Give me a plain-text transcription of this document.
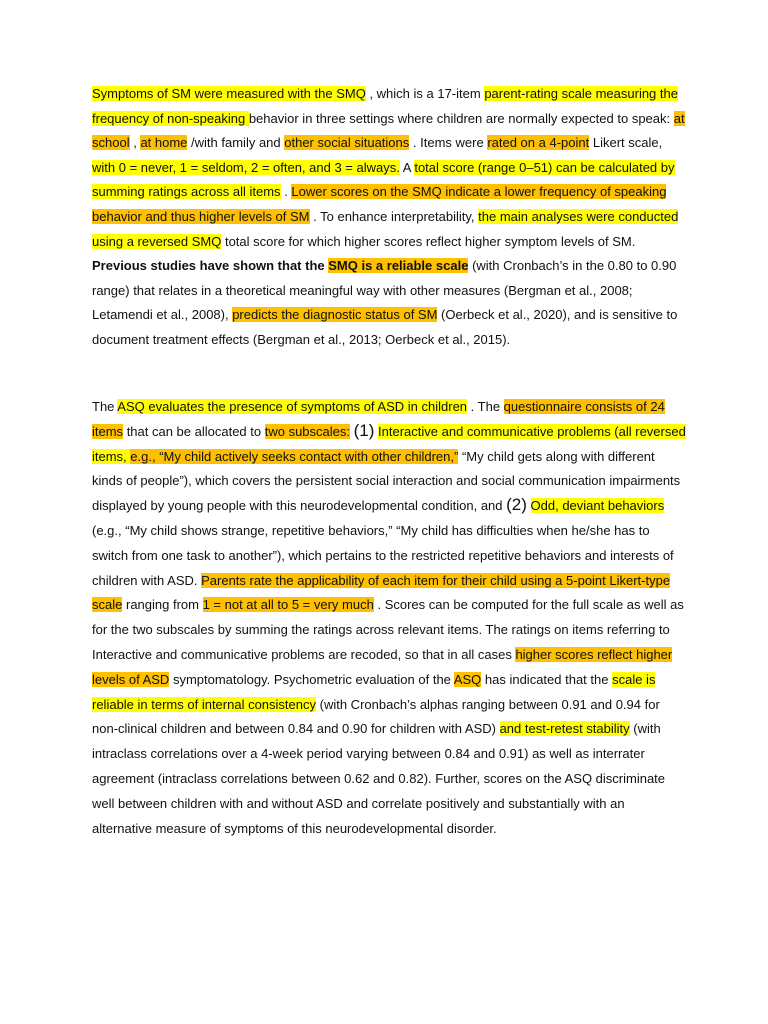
Symptoms of SM were measured with the SMQ , which is a 17-item parent-rating scale measuring the frequency of non-speaking behavior in three settings where children are normally expected to speak: at school , at home /with family and other social situations . Items were rated on a 4-point Likert scale, with 0 = never, 1 = seldom, 2 = often, and 3 = always. A total score (range 0–51) can be calculated by summing ratings across all items . Lower scores on the SMQ indicate a lower frequency of speaking behavior and thus higher levels of SM . To enhance interpretability, the main analyses were conducted using a reversed SMQ total score for which higher scores reflect higher symptom levels of SM. Previous studies have shown that the SMQ is a reliable scale (with Cronbach’s in the 0.80 to 0.90 range) that relates in a theoretical meaningful way with other measures (Bergman et al., 2008; Letamendi et al., 2008), predicts the diagnostic status of SM (Oerbeck et al., 2020), and is sensitive to document treatment effects (Bergman et al., 2013; Oerbeck et al., 2015).

The ASQ evaluates the presence of symptoms of ASD in children . The questionnaire consists of 24 items that can be allocated to two subscales: (1) Interactive and communicative problems (all reversed items, e.g., “My child actively seeks contact with other children,” “My child gets along with different kinds of people”), which covers the persistent social interaction and social communication impairments displayed by young people with this neurodevelopmental condition, and (2) Odd, deviant behaviors (e.g., “My child shows strange, repetitive behaviors,” “My child has difficulties when he/she has to switch from one task to another”), which pertains to the restricted repetitive behaviors and interests of children with ASD. Parents rate the applicability of each item for their child using a 5-point Likert-type scale ranging from 1 = not at all to 5 = very much . Scores can be computed for the full scale as well as for the two subscales by summing the ratings across relevant items. The ratings on items referring to Interactive and communicative problems are recoded, so that in all cases higher scores reflect higher levels of ASD symptomatology. Psychometric evaluation of the ASQ has indicated that the scale is reliable in terms of internal consistency (with Cronbach’s alphas ranging between 0.91 and 0.94 for non-clinical children and between 0.84 and 0.90 for children with ASD) and test-retest stability (with intraclass correlations over a 4-week period varying between 0.84 and 0.91) as well as interrater agreement (intraclass correlations between 0.62 and 0.82). Further, scores on the ASQ discriminate well between children with and without ASD and correlate positively and substantially with an alternative measure of symptoms of this neurodevelopmental disorder.
